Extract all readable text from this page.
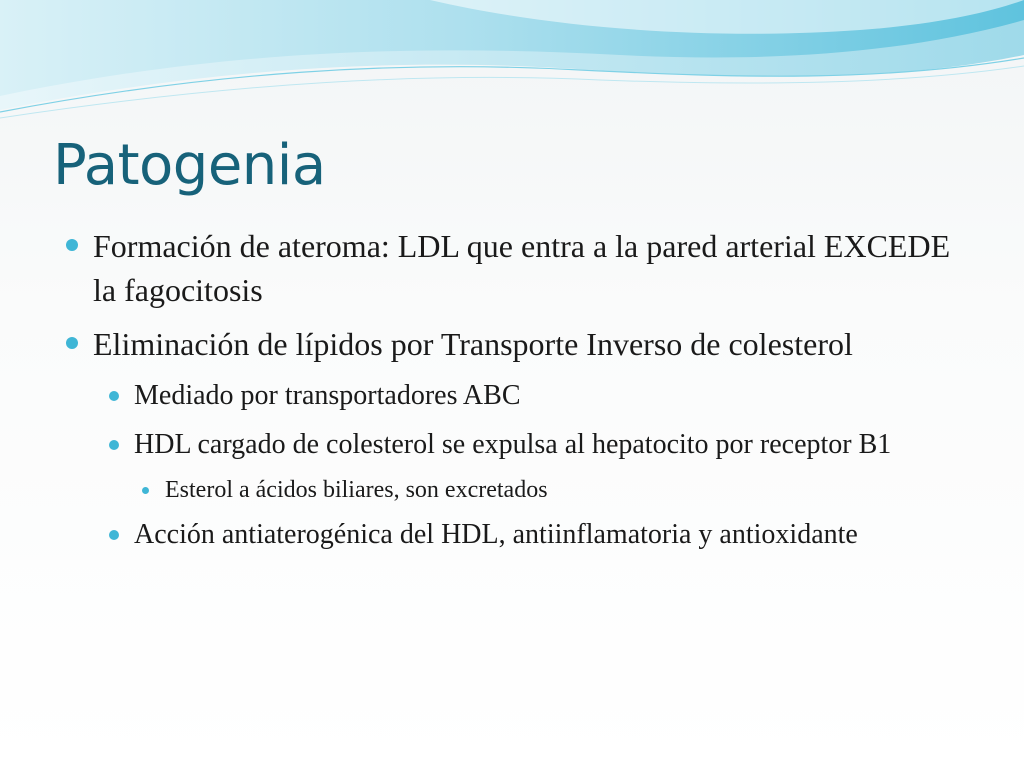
Patogenia
Formación de ateroma: LDL que entra a la pared arterial EXCEDE la fagocitosis
Eliminación de lípidos por Transporte Inverso de colesterol
Mediado por transportadores ABC
HDL cargado de colesterol se expulsa al hepatocito por receptor B1
Esterol a ácidos biliares, son excretados
Acción antiaterogénica del HDL, antiinflamatoria y antioxidante
